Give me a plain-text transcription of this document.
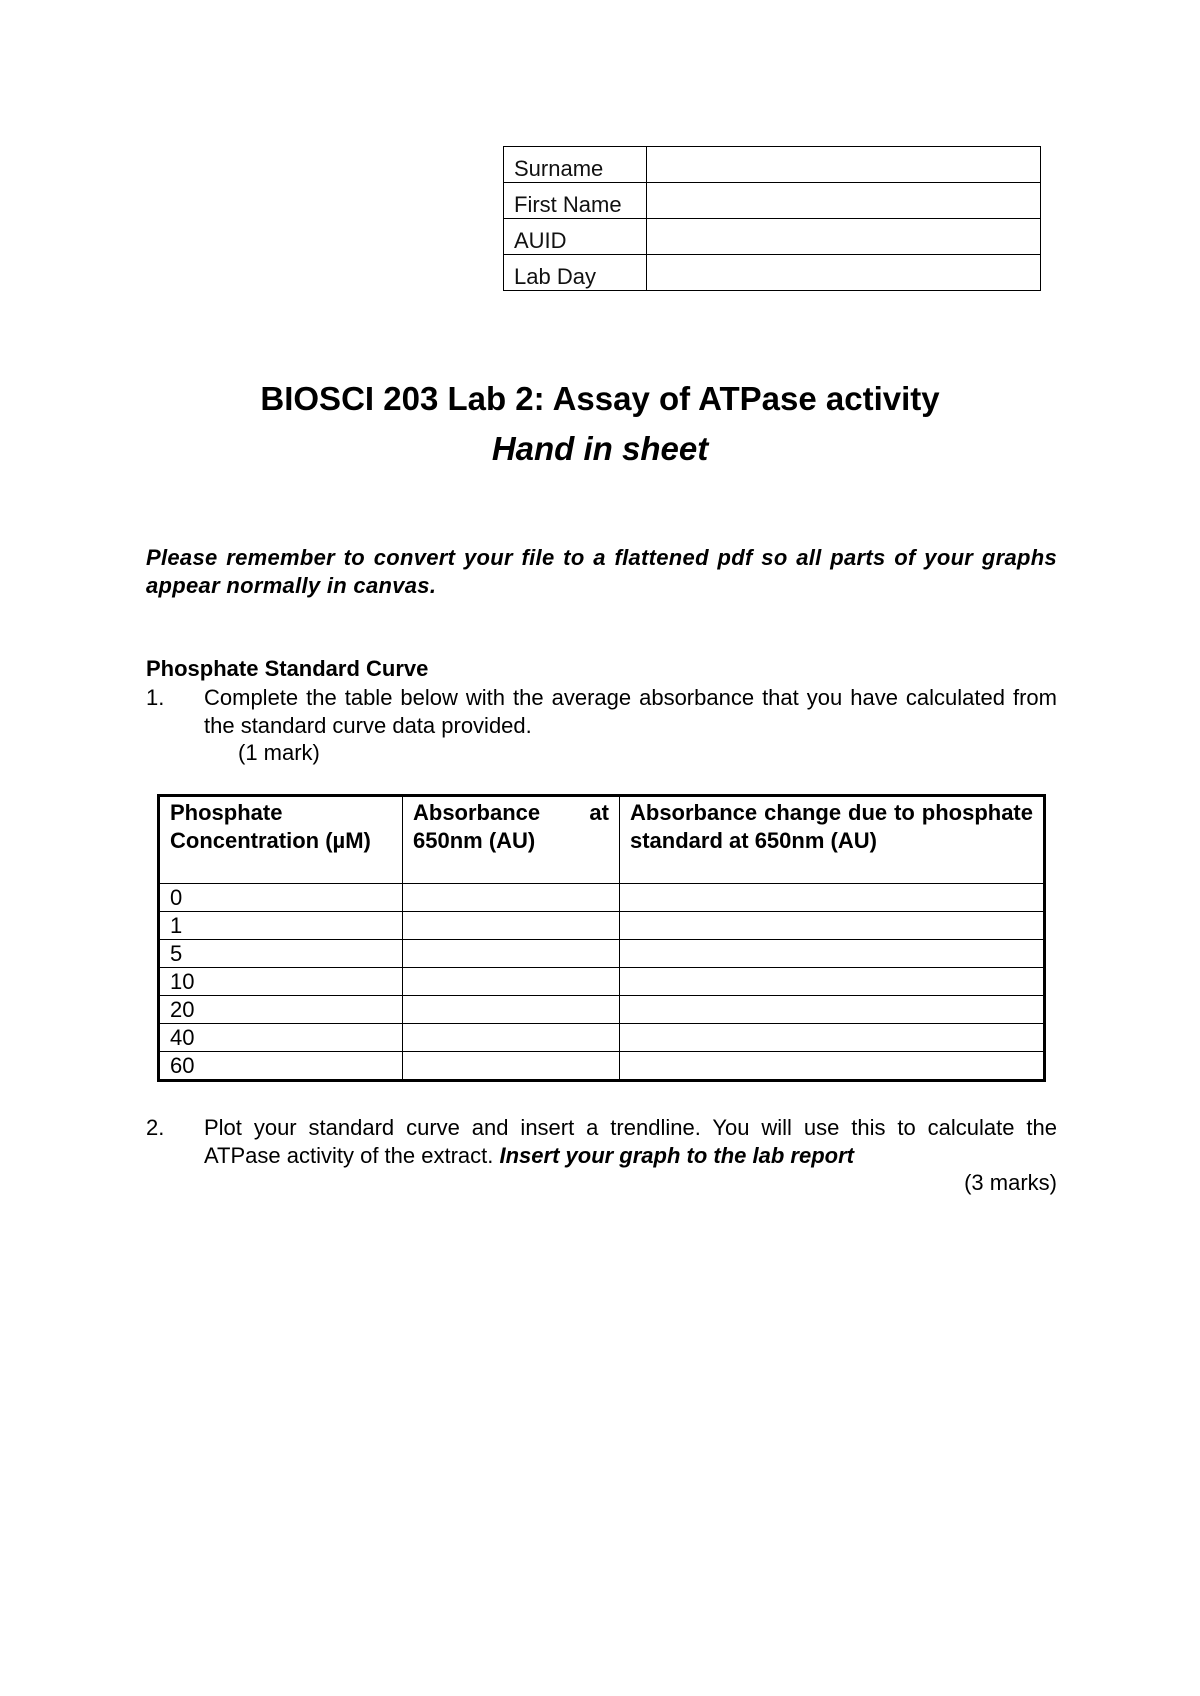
Surname	
First Name	
AUID	
Lab Day	
BIOSCI 203 Lab 2: Assay of ATPase activity
Hand in sheet

Please remember to convert your file to a flattened pdf so all parts of your graphs appear normally in canvas.

Phosphate Standard Curve
1. Complete the table below with the average absorbance that you have calculated from the standard curve data provided.
(1 mark)
Phosphate Concentration (µM)	Absorbance at 650nm (AU)	Absorbance change due to phosphate standard at 650nm (AU)
0		
1		
5		
10		
20		
40		
60		
2. Plot your standard curve and insert a trendline. You will use this to calculate the ATPase activity of the extract. Insert your graph to the lab report
(3 marks)
